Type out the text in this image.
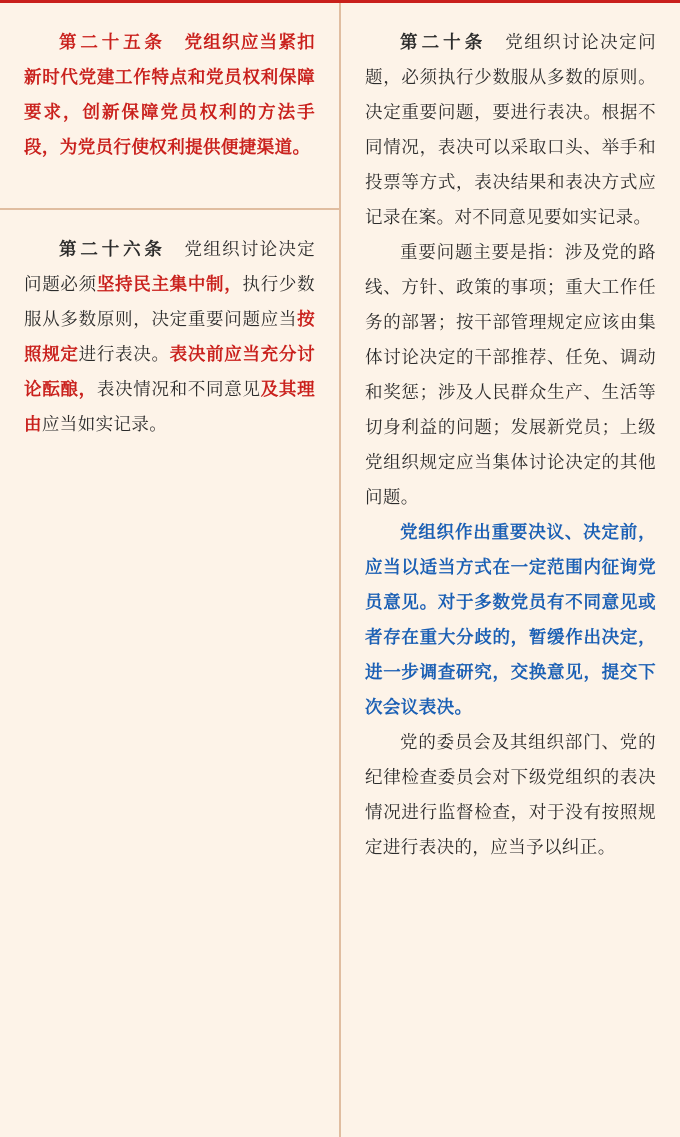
第二十五条　 党组织应当紧扣新时代党建工作特点和党员权利保障要求，创新保障党员权利的方法手段，为党员行使权利提供便捷渠道。

第二十六条　党组织讨论决定问题必须坚持民主集中制，执行少数服从多数原则，决定重要问题应当按照规定进行表决。表决前应当充分讨论酝酿，表决情况和不同意见及其理由应当如实记录。

第二十条　党组织讨论决定问题，必须执行少数服从多数的原则。决定重要问题，要进行表决。根据不同情况，表决可以采取口头、举手和投票等方式，表决结果和表决方式应记录在案。对不同意见要如实记录。

重要问题主要是指：涉及党的路线、方针、政策的事项；重大工作任务的部署；按干部管理规定应该由集体讨论决定的干部推荐、任免、调动和奖惩；涉及人民群众生产、生活等切身利益的问题；发展新党员；上级党组织规定应当集体讨论决定的其他问题。

党组织作出重要决议、决定前，应当以适当方式在一定范围内征询党员意见。对于多数党员有不同意见或者存在重大分歧的，暂缓作出决定，进一步调查研究，交换意见，提交下次会议表决。

党的委员会及其组织部门、党的纪律检查委员会对下级党组织的表决情况进行监督检查，对于没有按照规定进行表决的，应当予以纠正。
